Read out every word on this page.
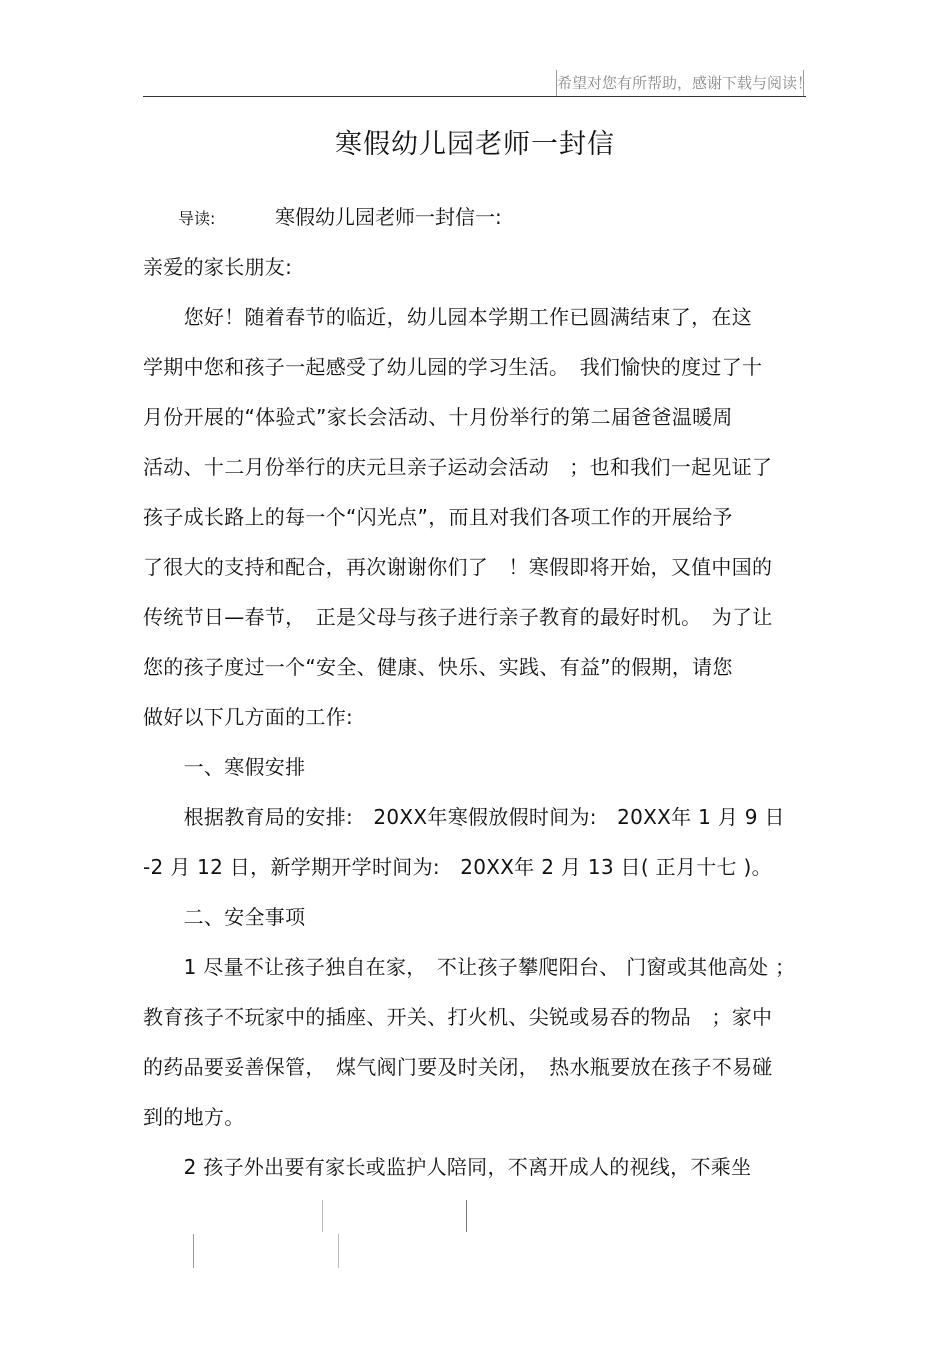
希望对您有所帮助，感谢下载与阅读！
寒假幼儿园老师一封信
导读:	寒假幼儿园老师一封信一:
亲爱的家长朋友:
　　您好！随着春节的临近，幼儿园本学期工作已圆满结束了，在这
学期中您和孩子一起感受了幼儿园的学习生活。　我们愉快的度过了十
月份开展的“体验式”家长会活动、十月份举行的第二届爸爸温暖周
活动、十二月份举行的庆元旦亲子运动会活动　；也和我们一起见证了
孩子成长路上的每一个“闪光点”，而且对我们各项工作的开展给予
了很大的支持和配合，再次谢谢你们了　！寒假即将开始，又值中国的
传统节日—春节，　正是父母与孩子进行亲子教育的最好时机。　为了让
您的孩子度过一个“安全、健康、快乐、实践、有益”的假期，请您
做好以下几方面的工作:
　　一、寒假安排
　　根据教育局的安排:　20XX年寒假放假时间为:　20XX年 1 月 9 日
-2 月 12 日，新学期开学时间为:　20XX年 2 月 13 日( 正月十七 )。
　　二、安全事项
　　1 尽量不让孩子独自在家，　不让孩子攀爬阳台、 门窗或其他高处 ；
教育孩子不玩家中的插座、开关、打火机、尖锐或易吞的物品　；家中
的药品要妥善保管，　煤气阀门要及时关闭，　热水瓶要放在孩子不易碰
到的地方。
　　2 孩子外出要有家长或监护人陪同，不离开成人的视线，不乘坐
